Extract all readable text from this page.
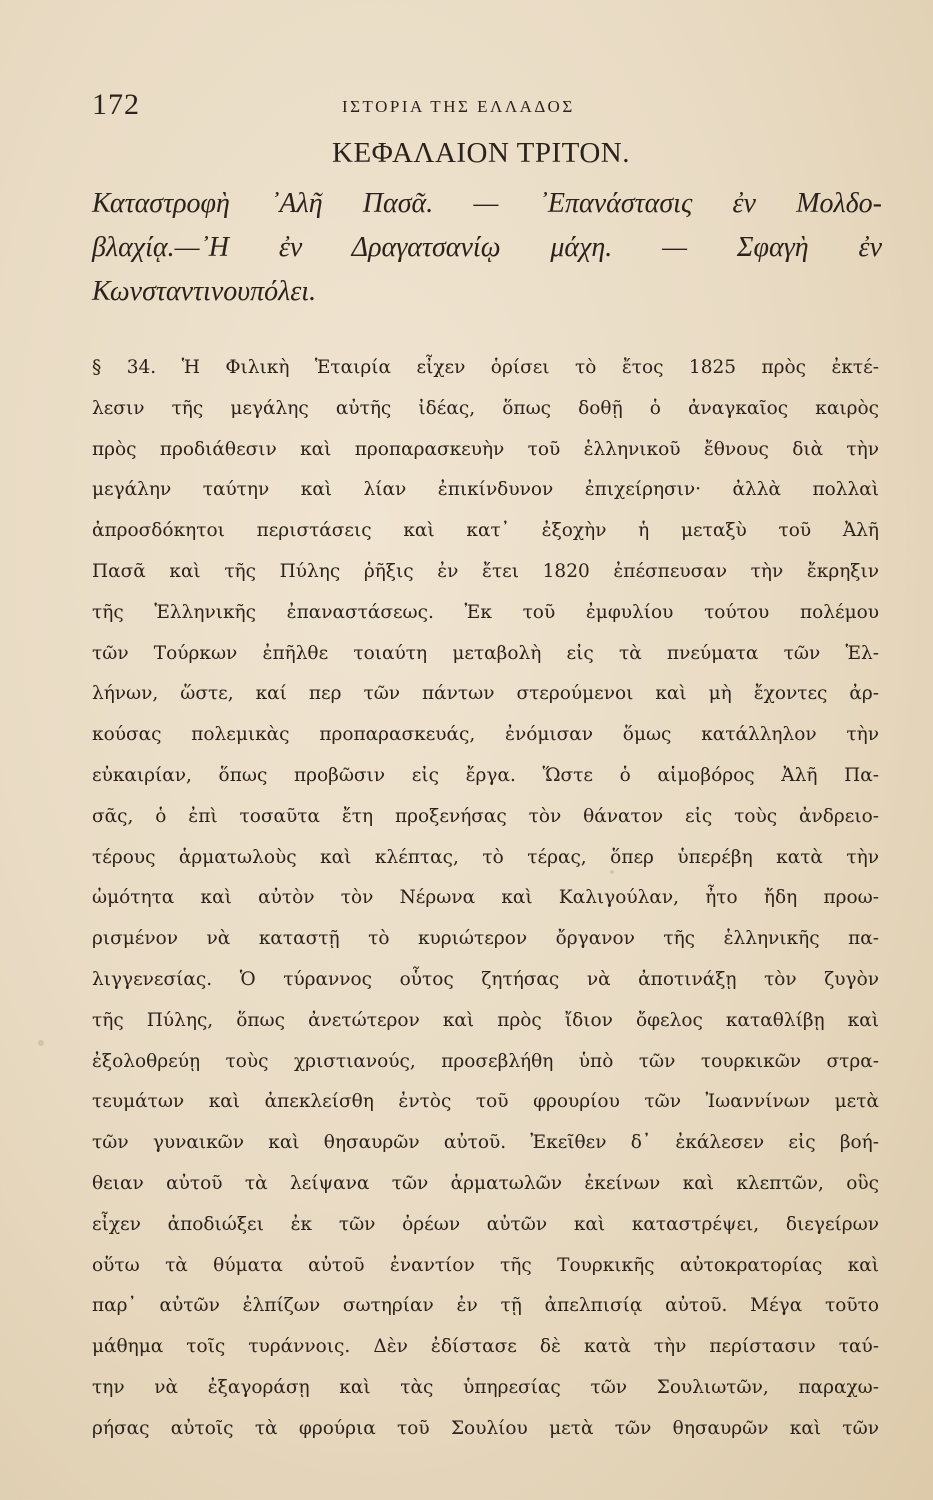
172	ΙΣΤΟΡΙΑ ΤΗΣ ΕΛΛΑΔΟΣ
ΚΕΦΑΛΑΙΟΝ ΤΡΙΤΟΝ.
Καταστροφὴ ᾽Αλῆ Πασᾶ. — ᾽Επανάστασις ἐν Μολδο-
βλαχίᾳ.—᾽Η ἐν Δραγατσανίῳ μάχη. — Σφαγὴ ἐν
Κωνσταντινουπόλει.
§ 34. Ἡ Φιλικὴ Ἑταιρία εἶχεν ὁρίσει τὸ ἔτος 1825 πρὸς ἐκτέ-
λεσιν τῆς μεγάλης αὐτῆς ἰδέας, ὅπως δοθῇ ὁ ἀναγκαῖος καιρὸς
πρὸς προδιάθεσιν καὶ προπαρασκευὴν τοῦ ἑλληνικοῦ ἔθνους διὰ τὴν
μεγάλην ταύτην καὶ λίαν ἐπικίνδυνον ἐπιχείρησιν· ἀλλὰ πολλαὶ
ἀπροσδόκητοι περιστάσεις καὶ κατ᾽ ἐξοχὴν ἡ μεταξὺ τοῦ Ἀλῆ
Πασᾶ καὶ τῆς Πύλης ῥῆξις ἐν ἔτει 1820 ἐπέσπευσαν τὴν ἔκρηξιν
τῆς Ἑλληνικῆς ἐπαναστάσεως. Ἐκ τοῦ ἐμφυλίου τούτου πολέμου
τῶν Τούρκων ἐπῆλθε τοιαύτη μεταβολὴ εἰς τὰ πνεύματα τῶν Ἑλ-
λήνων, ὥστε, καί περ τῶν πάντων στερούμενοι καὶ μὴ ἔχοντες ἀρ-
κούσας πολεμικὰς προπαρασκευάς, ἐνόμισαν ὅμως κατάλληλον τὴν
εὐκαιρίαν, ὅπως προβῶσιν εἰς ἔργα. Ὥστε ὁ αἱμοβόρος Ἀλῆ Πα-
σᾶς, ὁ ἐπὶ τοσαῦτα ἔτη προξενήσας τὸν θάνατον εἰς τοὺς ἀνδρειο-
τέρους ἁρματωλοὺς καὶ κλέπτας, τὸ τέρας, ὅπερ ὑπερέβη κατὰ τὴν
ὠμότητα καὶ αὐτὸν τὸν Νέρωνα καὶ Καλιγούλαν, ἦτο ἤδη προω-
ρισμένον νὰ καταστῇ τὸ κυριώτερον ὄργανον τῆς ἑλληνικῆς πα-
λιγγενεσίας. Ὁ τύραννος οὗτος ζητήσας νὰ ἀποτινάξῃ τὸν ζυγὸν
τῆς Πύλης, ὅπως ἀνετώτερον καὶ πρὸς ἴδιον ὄφελος καταθλίβῃ καὶ
ἐξολοθρεύῃ τοὺς χριστιανούς, προσεβλήθη ὑπὸ τῶν τουρκικῶν στρα-
τευμάτων καὶ ἀπεκλείσθη ἐντὸς τοῦ φρουρίου τῶν Ἰωαννίνων μετὰ
τῶν γυναικῶν καὶ θησαυρῶν αὐτοῦ. Ἐκεῖθεν δ᾽ ἐκάλεσεν εἰς βοή-
θειαν αὐτοῦ τὰ λείψανα τῶν ἁρματωλῶν ἐκείνων καὶ κλεπτῶν, οὓς
εἶχεν ἀποδιώξει ἐκ τῶν ὀρέων αὐτῶν καὶ καταστρέψει, διεγείρων
οὕτω τὰ θύματα αὐτοῦ ἐναντίον τῆς Τουρκικῆς αὐτοκρατορίας καὶ
παρ᾽ αὐτῶν ἐλπίζων σωτηρίαν ἐν τῇ ἀπελπισίᾳ αὐτοῦ. Μέγα τοῦτο
μάθημα τοῖς τυράννοις. Δὲν ἐδίστασε δὲ κατὰ τὴν περίστασιν ταύ-
την νὰ ἐξαγοράσῃ καὶ τὰς ὑπηρεσίας τῶν Σουλιωτῶν, παραχω-
ρήσας αὐτοῖς τὰ φρούρια τοῦ Σουλίου μετὰ τῶν θησαυρῶν καὶ τῶν
